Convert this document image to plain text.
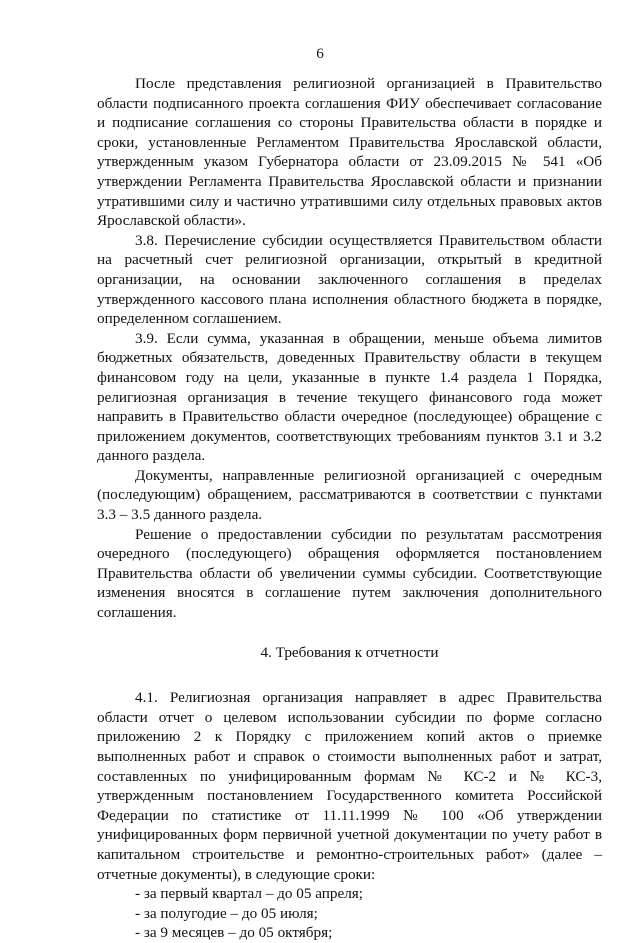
6

После представления религиозной организацией в Правительство области подписанного проекта соглашения ФИУ обеспечивает согласование и подписание соглашения со стороны Правительства области в порядке и сроки, установленные Регламентом Правительства Ярославской области, утвержденным указом Губернатора области от 23.09.2015 № 541 «Об утверждении Регламента Правительства Ярославской области и признании утратившими силу и частично утратившими силу отдельных правовых актов Ярославской области».

3.8. Перечисление субсидии осуществляется Правительством области на расчетный счет религиозной организации, открытый в кредитной организации, на основании заключенного соглашения в пределах утвержденного кассового плана исполнения областного бюджета в порядке, определенном соглашением.

3.9. Если сумма, указанная в обращении, меньше объема лимитов бюджетных обязательств, доведенных Правительству области в текущем финансовом году на цели, указанные в пункте 1.4 раздела 1 Порядка, религиозная организация в течение текущего финансового года может направить в Правительство области очередное (последующее) обращение с приложением документов, соответствующих требованиям пунктов 3.1 и 3.2 данного раздела.

Документы, направленные религиозной организацией с очередным (последующим) обращением, рассматриваются в соответствии с пунктами 3.3 – 3.5 данного раздела.

Решение о предоставлении субсидии по результатам рассмотрения очередного (последующего) обращения оформляется постановлением Правительства области об увеличении суммы субсидии. Соответствующие изменения вносятся в соглашение путем заключения дополнительного соглашения.

4. Требования к отчетности

4.1. Религиозная организация направляет в адрес Правительства области отчет о целевом использовании субсидии по форме согласно приложению 2 к Порядку с приложением копий актов о приемке выполненных работ и справок о стоимости выполненных работ и затрат, составленных по унифицированным формам № КС-2 и № КС-3, утвержденным постановлением Государственного комитета Российской Федерации по статистике от 11.11.1999 № 100 «Об утверждении унифицированных форм первичной учетной документации по учету работ в капитальном строительстве и ремонтно-строительных работ» (далее – отчетные документы), в следующие сроки:

- за первый квартал – до 05 апреля;
- за полугодие – до 05 июля;
- за 9 месяцев – до 05 октября;
